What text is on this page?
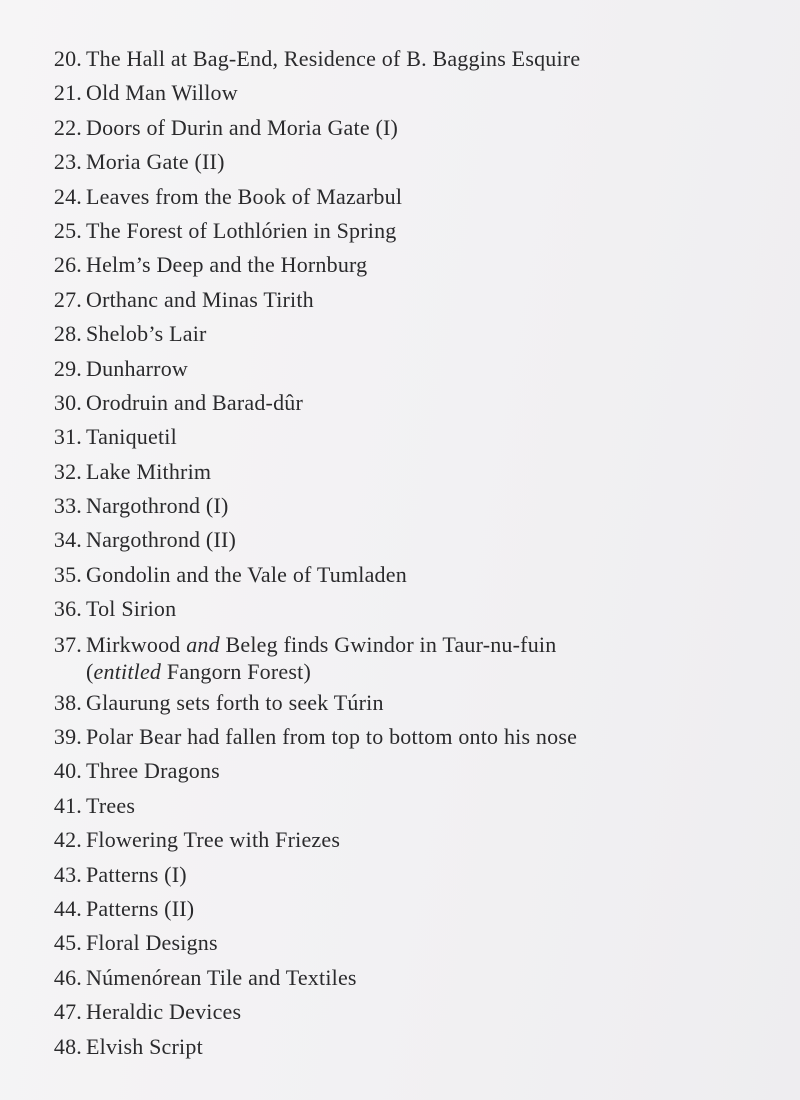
20. The Hall at Bag-End, Residence of B. Baggins Esquire
21. Old Man Willow
22. Doors of Durin and Moria Gate (I)
23. Moria Gate (II)
24. Leaves from the Book of Mazarbul
25. The Forest of Lothlórien in Spring
26. Helm’s Deep and the Hornburg
27. Orthanc and Minas Tirith
28. Shelob’s Lair
29. Dunharrow
30. Orodruin and Barad-dûr
31. Taniquetil
32. Lake Mithrim
33. Nargothrond (I)
34. Nargothrond (II)
35. Gondolin and the Vale of Tumladen
36. Tol Sirion
37. Mirkwood and Beleg finds Gwindor in Taur-nu-fuin
(entitled Fangorn Forest)
38. Glaurung sets forth to seek Túrin
39. Polar Bear had fallen from top to bottom onto his nose
40. Three Dragons
41. Trees
42. Flowering Tree with Friezes
43. Patterns (I)
44. Patterns (II)
45. Floral Designs
46. Númenórean Tile and Textiles
47. Heraldic Devices
48. Elvish Script
